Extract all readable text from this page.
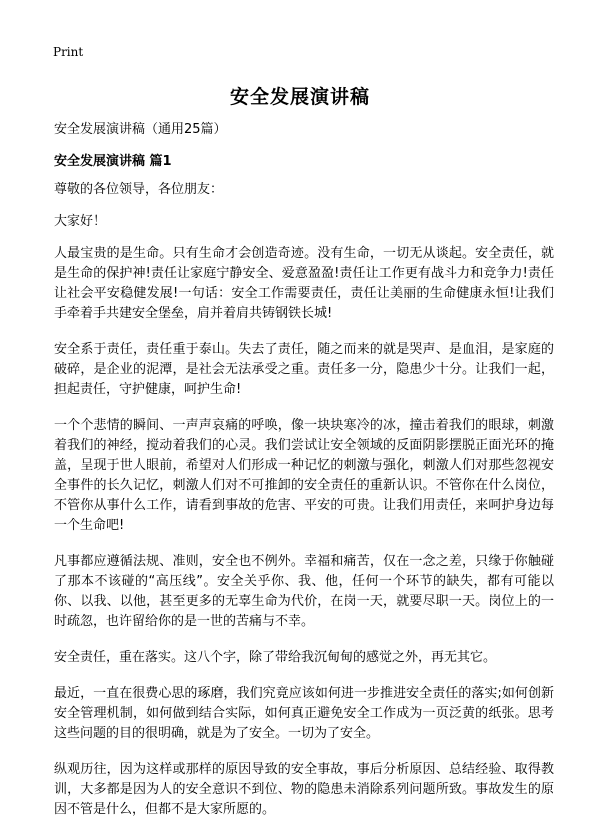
Print
安全发展演讲稿

安全发展演讲稿（通用25篇）

安全发展演讲稿 篇1

尊敬的各位领导，各位朋友：

大家好！

人最宝贵的是生命。只有生命才会创造奇迹。没有生命，一切无从谈起。安全责任，就是生命的保护神!责任让家庭宁静安全、爱意盈盈!责任让工作更有战斗力和竞争力!责任让社会平安稳健发展!一句话：安全工作需要责任，责任让美丽的生命健康永恒!让我们手牵着手共建安全堡垒，肩并着肩共铸钢铁长城!

安全系于责任，责任重于泰山。失去了责任，随之而来的就是哭声、是血泪，是家庭的破碎，是企业的泥潭，是社会无法承受之重。责任多一分，隐患少十分。让我们一起，担起责任，守护健康，呵护生命!

一个个悲情的瞬间、一声声哀痛的呼唤，像一块块寒冷的冰，撞击着我们的眼球，刺激着我们的神经，搅动着我们的心灵。我们尝试让安全领域的反面阴影摆脱正面光环的掩盖，呈现于世人眼前，希望对人们形成一种记忆的刺激与强化，刺激人们对那些忽视安全事件的长久记忆，刺激人们对不可推卸的安全责任的重新认识。不管你在什么岗位，不管你从事什么工作，请看到事故的危害、平安的可贵。让我们用责任，来呵护身边每一个生命吧!

凡事都应遵循法规、准则，安全也不例外。幸福和痛苦，仅在一念之差，只缘于你触碰了那本不该碰的“高压线”。安全关乎你、我、他，任何一个环节的缺失，都有可能以你、以我、以他，甚至更多的无辜生命为代价，在岗一天，就要尽职一天。岗位上的一时疏忽，也许留给你的是一世的苦痛与不幸。

安全责任，重在落实。这八个字，除了带给我沉甸甸的感觉之外，再无其它。

最近，一直在很费心思的琢磨，我们究竟应该如何进一步推进安全责任的落实;如何创新安全管理机制，如何做到结合实际，如何真正避免安全工作成为一页泛黄的纸张。思考这些问题的目的很明确，就是为了安全。一切为了安全。

纵观历往，因为这样或那样的原因导致的安全事故，事后分析原因、总结经验、取得教训，大多都是因为人的安全意识不到位、物的隐患未消除系列问题所致。事故发生的原因不管是什么，但都不是大家所愿的。
